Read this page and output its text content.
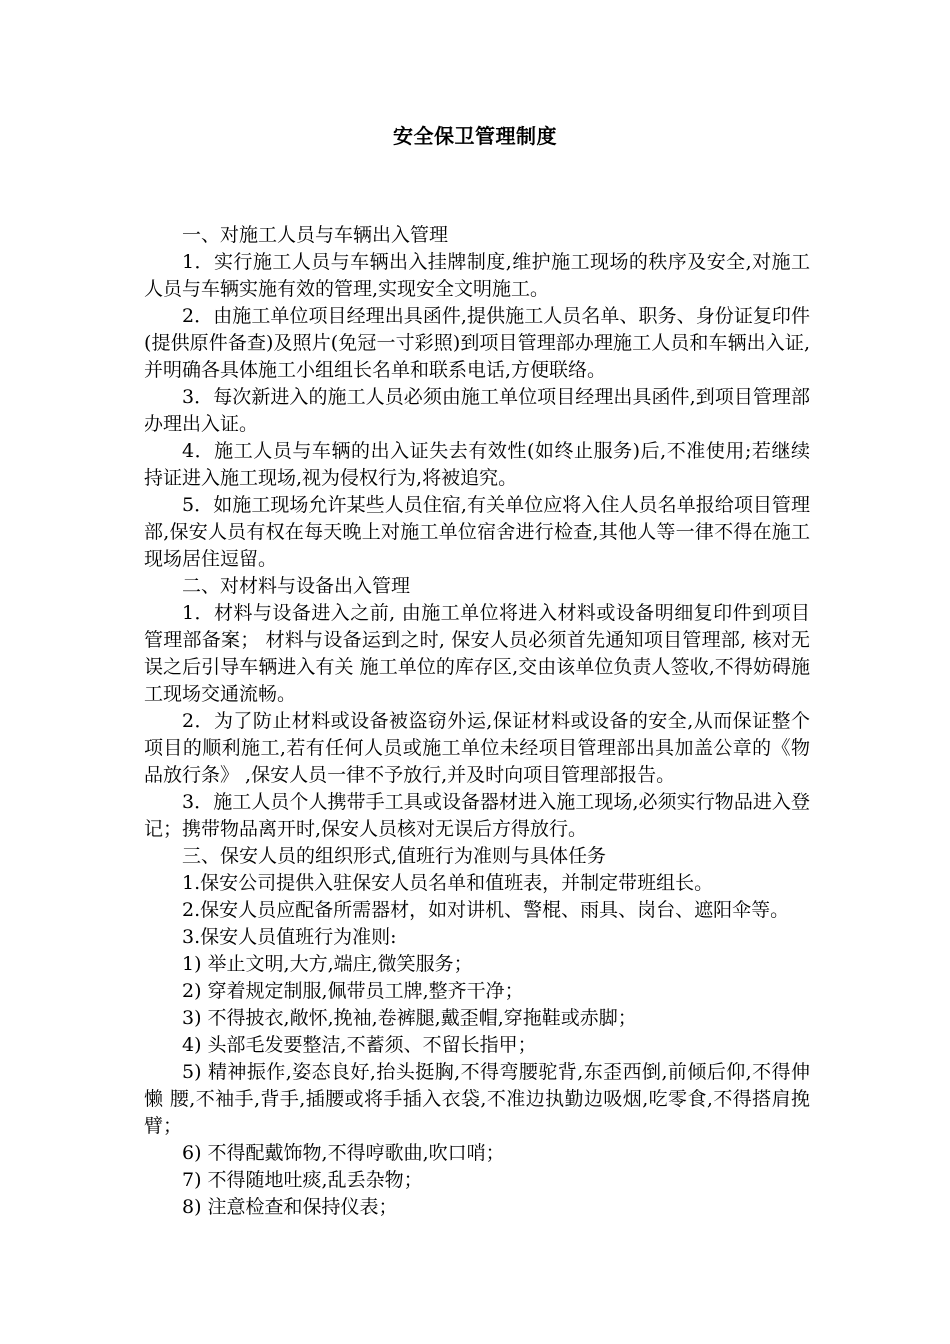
安全保卫管理制度

一、对施工人员与车辆出入管理

1．实行施工人员与车辆出入挂牌制度,维护施工现场的秩序及安全,对施工人员与车辆实施有效的管理,实现安全文明施工。

2．由施工单位项目经理出具函件,提供施工人员名单、职务、身份证复印件(提供原件备查)及照片(免冠一寸彩照)到项目管理部办理施工人员和车辆出入证,并明确各具体施工小组组长名单和联系电话,方便联络。

3．每次新进入的施工人员必须由施工单位项目经理出具函件,到项目管理部办理出入证。

4．施工人员与车辆的出入证失去有效性(如终止服务)后,不准使用;若继续持证进入施工现场,视为侵权行为,将被追究。

5．如施工现场允许某些人员住宿,有关单位应将入住人员名单报给项目管理部,保安人员有权在每天晚上对施工单位宿舍进行检查,其他人等一律不得在施工现场居住逗留。

二、对材料与设备出入管理

1．材料与设备进入之前, 由施工单位将进入材料或设备明细复印件到项目管理部备案； 材料与设备运到之时, 保安人员必须首先通知项目管理部, 核对无误之后引导车辆进入有关 施工单位的库存区,交由该单位负责人签收,不得妨碍施工现场交通流畅。

2．为了防止材料或设备被盗窃外运,保证材料或设备的安全,从而保证整个项目的顺利施工,若有任何人员或施工单位未经项目管理部出具加盖公章的《物品放行条》 ,保安人员一律不予放行,并及时向项目管理部报告。

3．施工人员个人携带手工具或设备器材进入施工现场,必须实行物品进入登记；携带物品离开时,保安人员核对无误后方得放行。

三、保安人员的组织形式,值班行为准则与具体任务

1.保安公司提供入驻保安人员名单和值班表，并制定带班组长。

2.保安人员应配备所需器材，如对讲机、警棍、雨具、岗台、遮阳伞等。

3.保安人员值班行为准则:

1) 举止文明,大方,端庄,微笑服务；

2) 穿着规定制服,佩带员工牌,整齐干净；

3) 不得披衣,敞怀,挽袖,卷裤腿,戴歪帽,穿拖鞋或赤脚；

4) 头部毛发要整洁,不蓄须、不留长指甲；

5) 精神振作,姿态良好,抬头挺胸,不得弯腰驼背,东歪西倒,前倾后仰,不得伸懒 腰,不袖手,背手,插腰或将手插入衣袋,不准边执勤边吸烟,吃零食,不得搭肩挽臂；

6) 不得配戴饰物,不得哼歌曲,吹口哨；

7) 不得随地吐痰,乱丢杂物；

8) 注意检查和保持仪表；
